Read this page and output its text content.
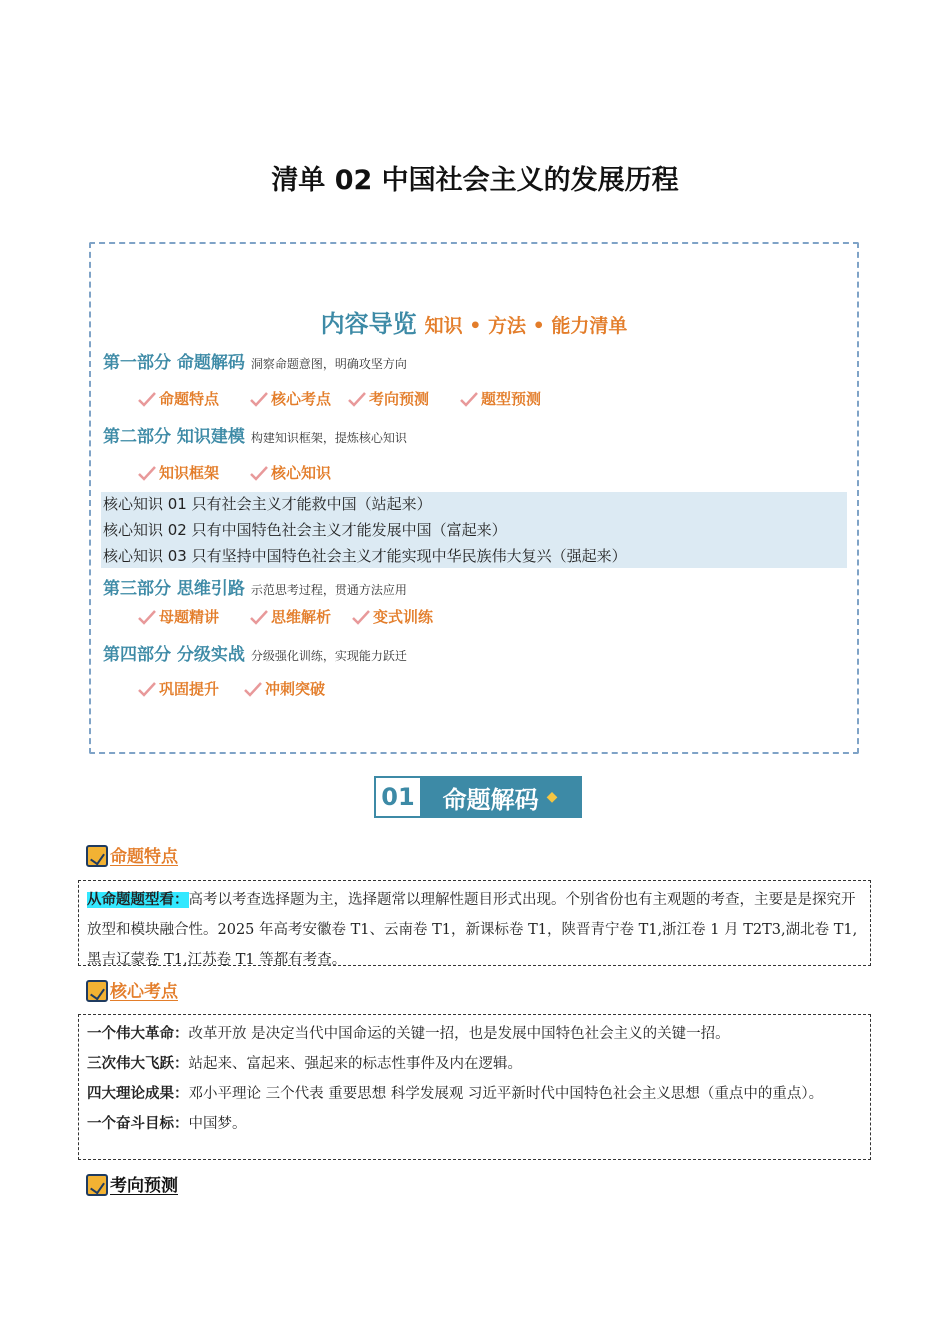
清单 02 中国社会主义的发展历程
内容导览 知识 • 方法 • 能力清单
第一部分 命题解码 洞察命题意图，明确攻坚方向
命题特点	核心考点	考向预测	题型预测
第二部分 知识建模 构建知识框架，提炼核心知识
知识框架	核心知识
核心知识 01 只有社会主义才能救中国（站起来）
核心知识 02 只有中国特色社会主义才能发展中国（富起来）
核心知识 03 只有坚持中国特色社会主义才能实现中华民族伟大复兴（强起来）
第三部分 思维引路 示范思考过程，贯通方法应用
母题精讲	思维解析	变式训练
第四部分 分级实战 分级强化训练，实现能力跃迁
巩固提升	冲刺突破
01 命题解码 ◆
命题特点
从命题题型看：高考以考查选择题为主，选择题常以理解性题目形式出现。个别省份也有主观题的考查，主要是是探究开放型和模块融合性。2025 年高考安徽卷 T1、云南卷 T1，新课标卷 T1，陕晋青宁卷 T1,浙江卷 1 月 T2T3,湖北卷 T1,黑吉辽蒙卷 T1,江苏卷 T1 等都有考查。
核心考点
一个伟大革命：改革开放 是决定当代中国命运的关键一招，也是发展中国特色社会主义的关键一招。
三次伟大飞跃：站起来、富起来、强起来的标志性事件及内在逻辑。
四大理论成果：邓小平理论 三个代表 重要思想 科学发展观 习近平新时代中国特色社会主义思想（重点中的重点）。
一个奋斗目标：中国梦。
考向预测
